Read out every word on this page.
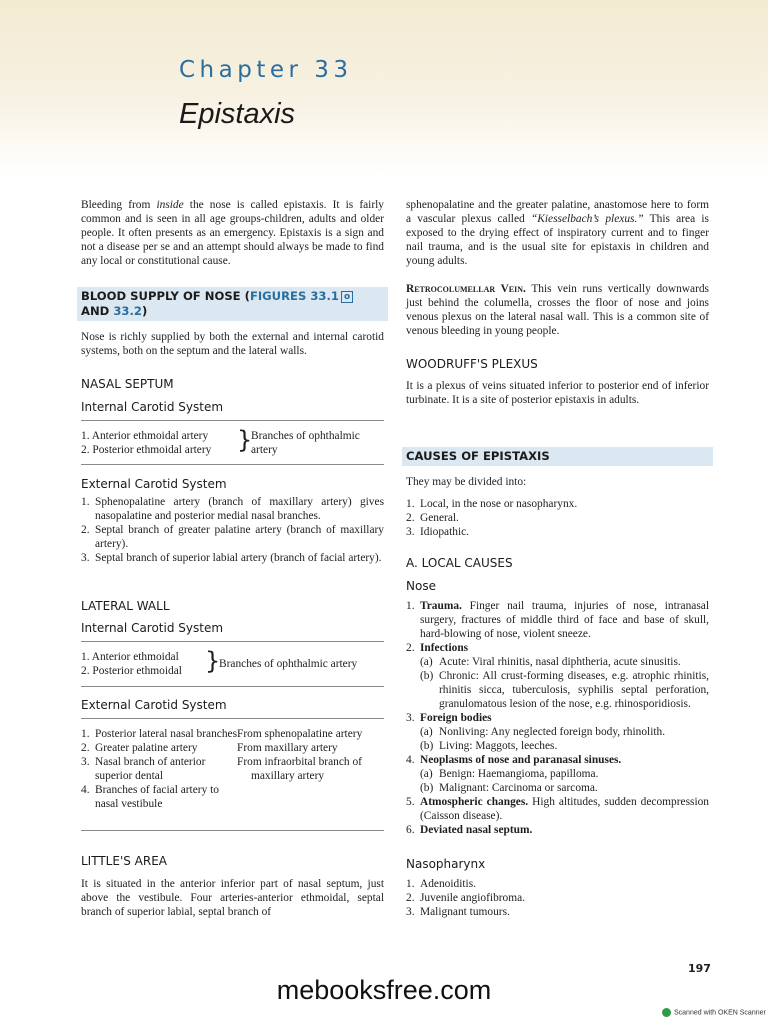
Chapter 33
Epistaxis

Bleeding from inside the nose is called epistaxis. It is fairly common and is seen in all age groups-children, adults and older people. It often presents as an emergency. Epistaxis is a sign and not a disease per se and an attempt should always be made to find any local or constitutional cause.

BLOOD SUPPLY OF NOSE (FIGURES 33.1 o
AND 33.2)

Nose is richly supplied by both the external and internal carotid systems, both on the septum and the lateral walls.

NASAL SEPTUM
Internal Carotid System
1. Anterior ethmoidal artery
2. Posterior ethmoidal artery	}
Branches of ophthalmic artery
External Carotid System
1. Sphenopalatine artery (branch of maxillary artery) gives nasopalatine and posterior medial nasal branches.
2. Septal branch of greater palatine artery (branch of maxillary artery).
3. Septal branch of superior labial artery (branch of facial artery).
LATERAL WALL
Internal Carotid System
1. Anterior ethmoidal
2. Posterior ethmoidal }
Branches of ophthalmic artery
External Carotid System
1. Posterior lateral nasal branches From sphenopalatine artery
2. Greater palatine artery	From maxillary artery
3. Nasal branch of anterior superior dental
From infraorbital branch of maxillary artery
4. Branches of facial artery to nasal vestibule
LITTLE'S AREA

It is situated in the anterior inferior part of nasal septum, just above the vestibule. Four arteries-anterior ethmoidal, septal branch of superior labial, septal branch of

sphenopalatine and the greater palatine, anastomose here to form a vascular plexus called “Kiesselbach’s plexus.” This area is exposed to the drying effect of inspiratory current and to finger nail trauma, and is the usual site for epistaxis in children and young adults.

Retrocolumellar Vein. This vein runs vertically downwards just behind the columella, crosses the floor of nose and joins venous plexus on the lateral nasal wall. This is a common site of venous bleeding in young people.

WOODRUFF'S PLEXUS

It is a plexus of veins situated inferior to posterior end of inferior turbinate. It is a site of posterior epistaxis in adults.

CAUSES OF EPISTAXIS

They may be divided into:

1. Local, in the nose or nasopharynx.
2. General.
3. Idiopathic.
A. LOCAL CAUSES
Nose
1. Trauma. Finger nail trauma, injuries of nose, intranasal surgery, fractures of middle third of face and base of skull, hard-blowing of nose, violent sneeze.
2. Infections
(a) Acute: Viral rhinitis, nasal diphtheria, acute sinusitis.
(b) Chronic: All crust-forming diseases, e.g. atrophic rhinitis, rhinitis sicca, tuberculosis, syphilis septal perforation, granulomatous lesion of the nose, e.g. rhinosporidiosis.
3. Foreign bodies
(a) Nonliving: Any neglected foreign body, rhinolith.
(b) Living: Maggots, leeches.
4. Neoplasms of nose and paranasal sinuses.
(a) Benign: Haemangioma, papilloma.
(b) Malignant: Carcinoma or sarcoma.
5. Atmospheric changes. High altitudes, sudden decompression (Caisson disease).
6. Deviated nasal septum.
Nasopharynx
1. Adenoiditis.
2. Juvenile angiofibroma.
3. Malignant tumours.
197
mebooksfree.com
Scanned with OKEN Scanner
